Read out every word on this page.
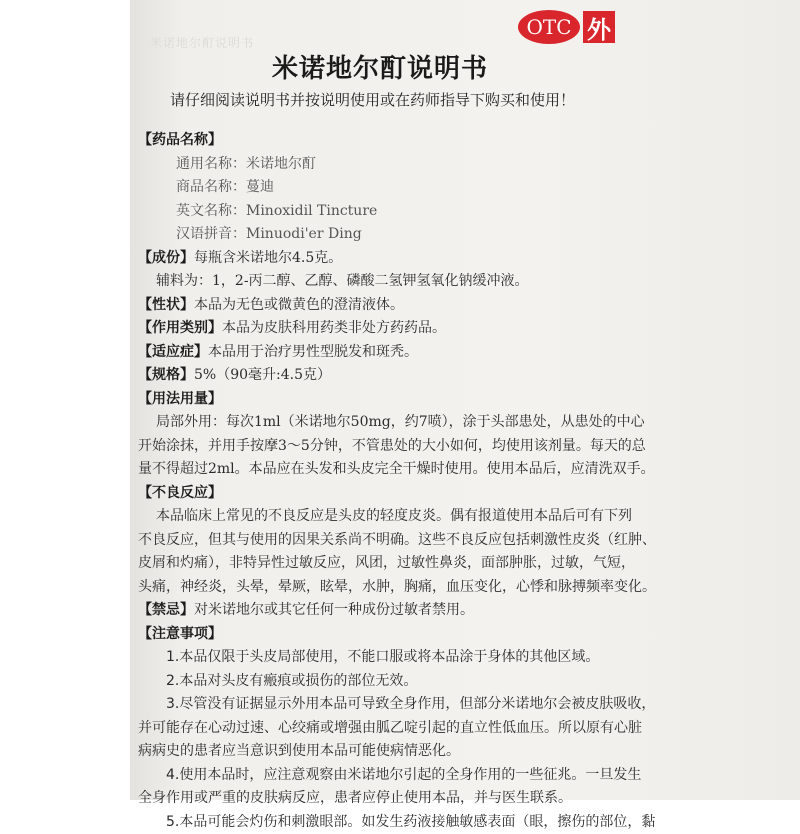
米诺地尔酊说明书
OTC 外
米诺地尔酊说明书
请仔细阅读说明书并按说明使用或在药师指导下购买和使用！
【药品名称】
通用名称：米诺地尔酊
商品名称：蔓迪
英文名称：Minoxidil Tincture
汉语拼音：Minuodi'er Ding
【成份】每瓶含米诺地尔4.5克。
辅料为：1，2-丙二醇、乙醇、磷酸二氢钾氢氧化钠缓冲液。
【性状】本品为无色或微黄色的澄清液体。
【作用类别】本品为皮肤科用药类非处方药药品。
【适应症】本品用于治疗男性型脱发和斑秃。
【规格】5%（90毫升:4.5克）
【用法用量】
局部外用：每次1ml（米诺地尔50mg，约7喷），涂于头部患处，从患处的中心
开始涂抹，并用手按摩3～5分钟，不管患处的大小如何，均使用该剂量。每天的总
量不得超过2ml。本品应在头发和头皮完全干燥时使用。使用本品后，应清洗双手。
【不良反应】
本品临床上常见的不良反应是头皮的轻度皮炎。偶有报道使用本品后可有下列
不良反应，但其与使用的因果关系尚不明确。这些不良反应包括刺激性皮炎（红肿、
皮屑和灼痛），非特异性过敏反应，风团，过敏性鼻炎，面部肿胀，过敏，气短，
头痛，神经炎，头晕，晕厥，眩晕，水肿，胸痛，血压变化，心悸和脉搏频率变化。
【禁忌】对米诺地尔或其它任何一种成份过敏者禁用。
【注意事项】
1.本品仅限于头皮局部使用，不能口服或将本品涂于身体的其他区域。
2.本品对头皮有瘢痕或损伤的部位无效。
3.尽管没有证据显示外用本品可导致全身作用，但部分米诺地尔会被皮肤吸收，
并可能存在心动过速、心绞痛或增强由胍乙啶引起的直立性低血压。所以原有心脏
病病史的患者应当意识到使用本品可能使病情恶化。
4.使用本品时，应注意观察由米诺地尔引起的全身作用的一些征兆。一旦发生
全身作用或严重的皮肤病反应，患者应停止使用本品，并与医生联系。
5.本品可能会灼伤和刺激眼部。如发生药液接触敏感表面（眼，擦伤的部位，黏
